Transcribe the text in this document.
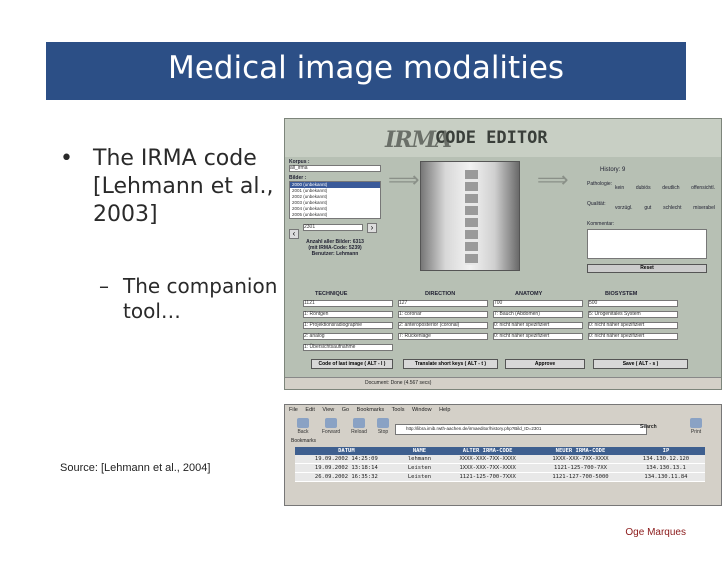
Medical image modalities
• The IRMA code [Lehmann et al., 2003]
– The companion tool…
IRMA
CODE EDITOR
Korpus :
all_irma
Bilder :
2000 (unbekannt)
2001 (unbekannt)
2002 (unbekannt)
2003 (unbekannt)
2004 (unbekannt)
2005 (unbekannt)
‹
2301	›
Anzahl aller Bilder: 6313
(mit IRMA-Code: 5239)
Benutzer: Lehmann
⟹	⟹	History: 9
Pathologie:
kein dubiös deutlich offensichtl.
Qualität:
vorzügl. gut schlecht miserabel
Kommentar:
Reset
TECHNIQUE	DIRECTION	ANATOMY	BIOSYSTEM
1121	127	700	500
1: Röntgen	1: coronar	7: Bauch (Abdomen)	5: Urogenitales System
1: Projektionsradiographie	2: anteroposterior (coronal)	0: nicht näher spezifiziert	0: nicht näher spezifiziert
2: analog	7: Rückenlage	0: nicht näher spezifiziert	0: nicht näher spezifiziert
1: Übersichtsaufnahme
Code of last image ( ALT - l )	Translate short keys ( ALT - t )	Approve	Save ( ALT - s )
Document: Done (4.567 secs)
File Edit View Go Bookmarks Tools Window Help
Back	Forward	Reload	Stop	Print
http://libra.imib.rwth-aachen.de/irmaeditor/history.php?Bild_ID=2301	Search
Bookmarks
DATUM	NAME	ALTER IRMA-CODE	NEUER IRMA-CODE	IP
19.09.2002 14:25:09	lehmann	XXXX-XXX-7XX-XXXX	1XXX-XXX-7XX-XXXX	134.130.12.120
19.09.2002 13:18:14	Leisten	1XXX-XXX-7XX-XXXX	1121-125-700-7XX	134.130.13.1
26.09.2002 16:35:32	Leisten	1121-125-700-7XXX	1121-127-700-5000	134.130.11.84
Source: [Lehmann et al., 2004]
Oge Marques
